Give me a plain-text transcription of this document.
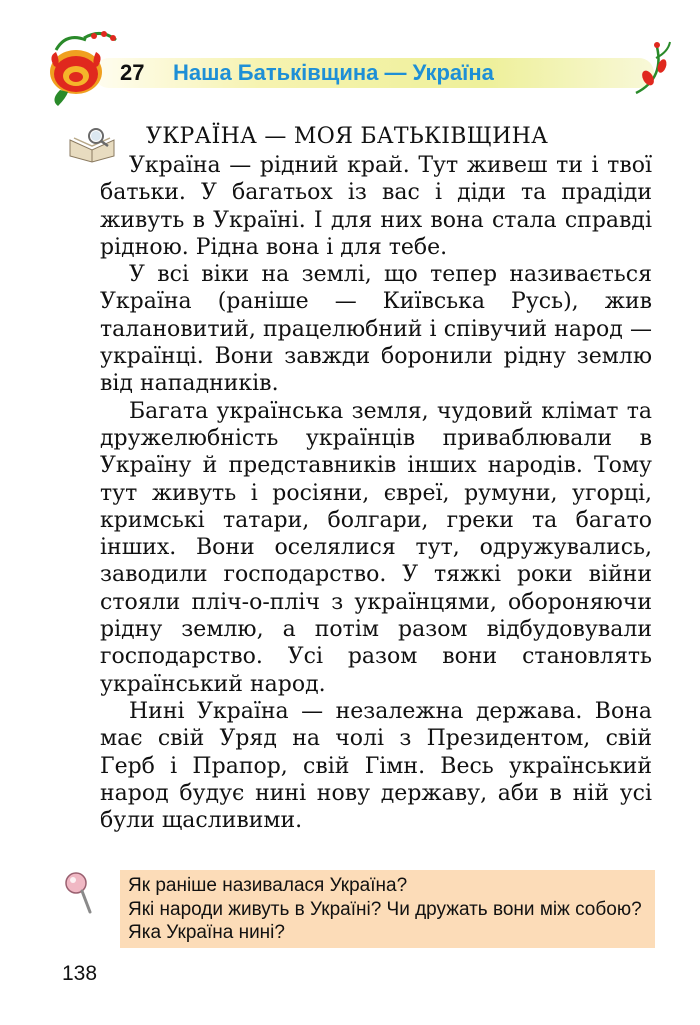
27 Наша Батьківщина — Україна
УКРАЇНА — МОЯ БАТЬКІВЩИНА

Україна — рідний край. Тут живеш ти і твої батьки. У багатьох із вас і діди та прадіди живуть в Україні. І для них вона стала справді рідною. Рідна вона і для тебе.

У всі віки на землі, що тепер називається Україна (раніше — Київська Русь), жив талановитий, працелюбний і співучий народ — українці. Вони завжди боронили рідну землю від нападників.

Багата українська земля, чудовий клімат та дружелюбність українців приваблювали в Україну й представників інших народів. Тому тут живуть і росіяни, євреї, румуни, угорці, кримські татари, болгари, греки та багато інших. Вони оселялися тут, одружувались, заводили господарство. У тяжкі роки війни стояли пліч-о-пліч з українцями, обороняючи рідну землю, а потім разом відбудовували господарство. Усі разом вони становлять український народ.

Нині Україна — незалежна держава. Вона має свій Уряд на чолі з Президентом, свій Герб і Прапор, свій Гімн. Весь український народ будує нині нову державу, аби в ній усі були щасливими.

Як раніше називалася Україна?
Які народи живуть в Україні? Чи дружать вони між собою? Яка Україна нині?
138
